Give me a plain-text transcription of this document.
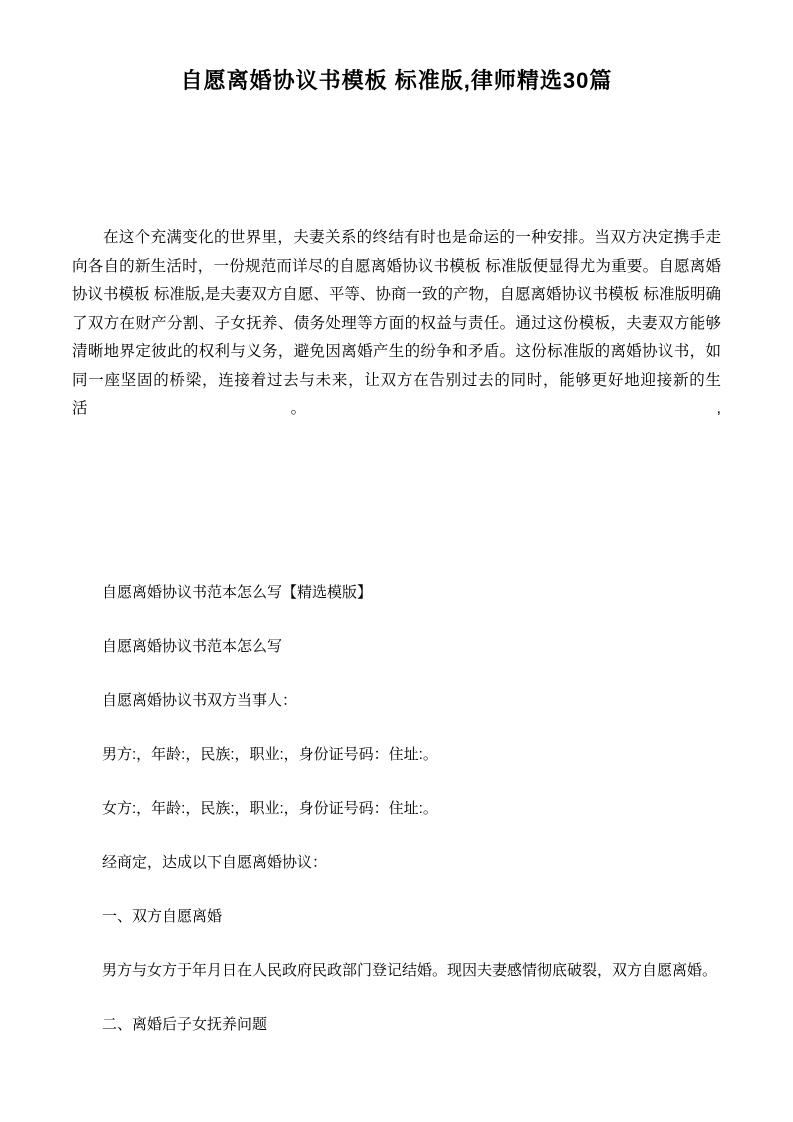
自愿离婚协议书模板 标准版,律师精选30篇

在这个充满变化的世界里，夫妻关系的终结有时也是命运的一种安排。当双方决定携手走向各自的新生活时，一份规范而详尽的自愿离婚协议书模板 标准版便显得尤为重要。自愿离婚协议书模板 标准版,是夫妻双方自愿、平等、协商一致的产物，自愿离婚协议书模板 标准版明确了双方在财产分割、子女抚养、债务处理等方面的权益与责任。通过这份模板，夫妻双方能够清晰地界定彼此的权利与义务，避免因离婚产生的纷争和矛盾。这份标准版的离婚协议书，如同一座坚固的桥梁，连接着过去与未来，让双方在告别过去的同时，能够更好地迎接新的生活。 ,

自愿离婚协议书范本怎么写【精选模版】

自愿离婚协议书范本怎么写

自愿离婚协议书双方当事人：

男方:，年龄:，民族:，职业:，身份证号码：住址:。

女方:，年龄:，民族:，职业:，身份证号码：住址:。

经商定，达成以下自愿离婚协议：

一、双方自愿离婚

男方与女方于年月日在人民政府民政部门登记结婚。现因夫妻感情彻底破裂，双方自愿离婚。

二、离婚后子女抚养问题
